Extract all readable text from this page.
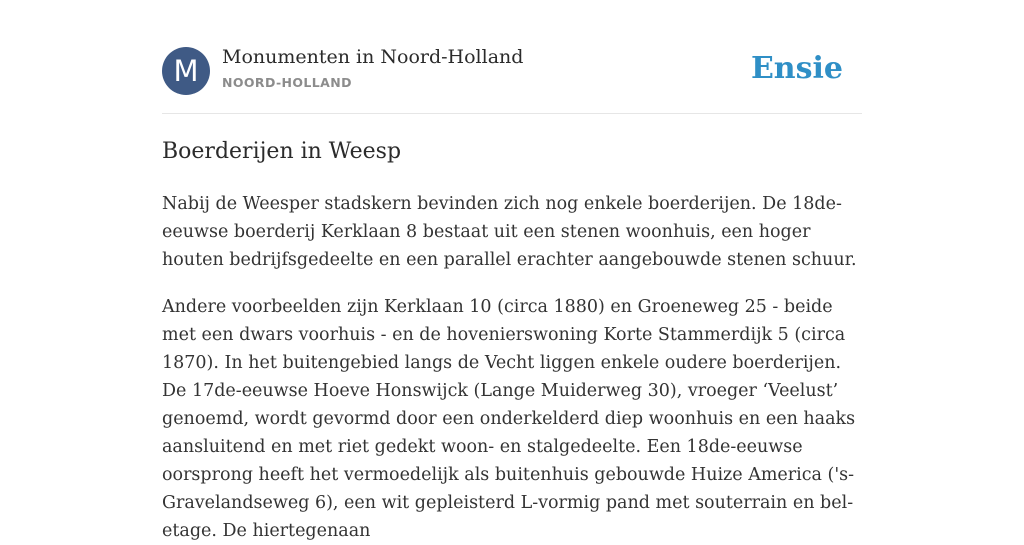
M	Monumenten in Noord-Holland
NOORD-HOLLAND	Ensie
Boerderijen in Weesp

Nabij de Weesper stadskern bevinden zich nog enkele boerderijen. De 18de-eeuwse boerderij Kerklaan 8 bestaat uit een stenen woonhuis, een hoger houten bedrijfsgedeelte en een parallel erachter aangebouwde stenen schuur.

Andere voorbeelden zijn Kerklaan 10 (circa 1880) en Groeneweg 25 - beide met een dwars voorhuis - en de hovenierswoning Korte Stammerdijk 5 (circa 1870). In het buitengebied langs de Vecht liggen enkele oudere boerderijen. De 17de-eeuwse Hoeve Honswijck (Lange Muiderweg 30), vroeger ‘Veelust’ genoemd, wordt gevormd door een onderkelderd diep woonhuis en een haaks aansluitend en met riet gedekt woon- en stalgedeelte. Een 18de-eeuwse oorsprong heeft het vermoedelijk als buitenhuis gebouwde Huize America ('s-Gravelandseweg 6), een wit gepleisterd L-vormig pand met souterrain en bel-etage. De hiertegenaan
